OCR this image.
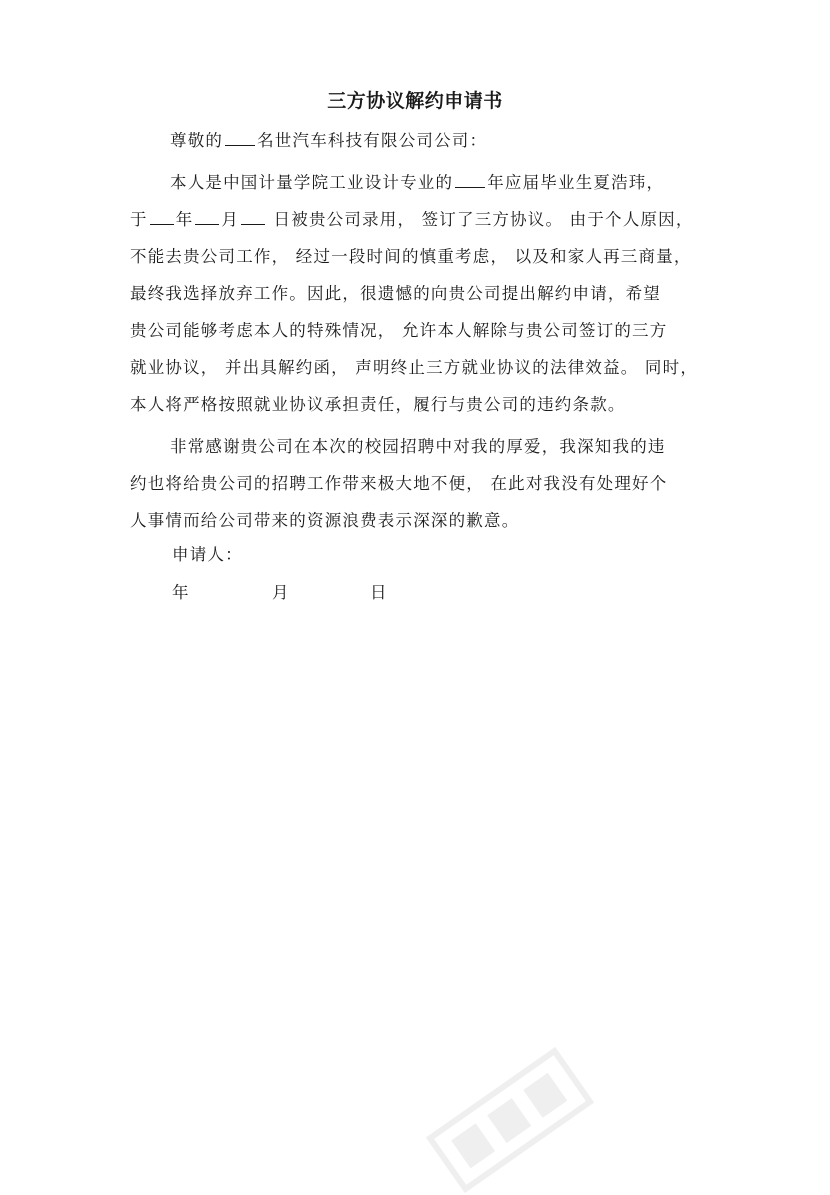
三方协议解约申请书
尊敬的 名世汽车科技有限公司公司：
本人是中国计量学院工业设计专业的 年应届毕业生夏浩玮，
于 年 月 日被贵公司录用， 签订了三方协议。 由于个人原因，
不能去贵公司工作， 经过一段时间的慎重考虑， 以及和家人再三商量，
最终我选择放弃工作。因此，很遗憾的向贵公司提出解约申请，希望
贵公司能够考虑本人的特殊情况， 允许本人解除与贵公司签订的三方
就业协议， 并出具解约函， 声明终止三方就业协议的法律效益。 同时，
本人将严格按照就业协议承担责任，履行与贵公司的违约条款。
非常感谢贵公司在本次的校园招聘中对我的厚爱，我深知我的违
约也将给贵公司的招聘工作带来极大地不便， 在此对我没有处理好个
人事情而给公司带来的资源浪费表示深深的歉意。
申请人：
年	月	日
